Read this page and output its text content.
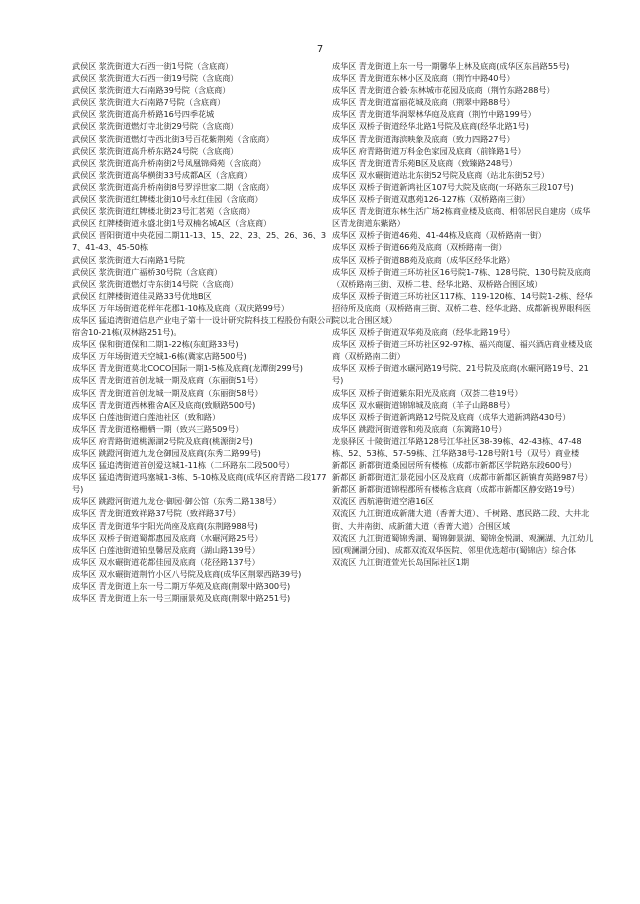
7

武侯区 浆洗街道大石西一街1号院（含底商）

武侯区 浆洗街道大石西一街19号院（含底商）

武侯区 浆洗街道大石南路39号院（含底商）

武侯区 浆洗街道大石南路7号院（含底商）

武侯区 浆洗街道高升桥路16号四季花城

武侯区 浆洗街道燃灯寺北街29号院（含底商）

武侯区 浆洗街道燃灯寺西北街3号百花紫荆苑（含底商）

武侯区 浆洗街道高升桥东路24号院（含底商）

武侯区 浆洗街道高升桥南街2号凤凰锦舜苑（含底商）

武侯区 浆洗街道高华横街33号成都A区（含底商）

武侯区 浆洗街道高升桥南街8号罗浮世家二期（含底商）

武侯区 浆洗街道红牌楼北街10号永红佳园（含底商）

武侯区 浆洗街道红牌楼北街23号汇茗苑（含底商）

武侯区 红牌楼街道永盛北街1号双楠名城A区（含底商）

武侯区 晋阳街道中央花园二期11-13、15、22、23、25、26、36、37、41-43、45-50栋

武侯区 浆洗街道大石南路1号院

武侯区 浆洗街道广福桥30号院（含底商）

武侯区 浆洗街道燃灯寺东街14号院（含底商）

武侯区 红牌楼街道佳灵路33号优地B区

成华区 万年场街道花样年花郡1-10栋及底商（双庆路99号）

成华区 猛追湾街道信息产业电子第十一设计研究院科技工程股份有限公司宿舍10-21栋(双林路251号)。

成华区 保和街道保和二期1-22栋(东虹路33号)

成华区 万年场街道天空城1-6栋(冀家店路500号)

成华区 青龙街道莫北COCO国际一期1-5栋及底商(龙潭街299号)

成华区 青龙街道首创龙城一期及底商（东丽街51号）

成华区 青龙街道首创龙城一期及底商（东丽街58号）

成华区 青龙街道西林雅舍A区及底商(致顺路500号)

成华区 白莲池街道白莲池社区（致和路）

成华区 青龙街道格栅栖一期（致兴三路509号）

成华区 府青路街道桃源湖2号院及底商(桃源街2号)

成华区 跳蹬河街道九龙仓御园及底商(东秀二路99号)

成华区 猛追湾街道首创爱这城1-11栋（二环路东二段500号）

成华区 猛追湾街道玛塞城1-3栋、5-10栋及底商(成华区府青路二段177号)

成华区 跳蹬河街道九龙仓·御园·御公馆（东秀二路138号）

成华区 青龙街道致祥路37号院（致祥路37号）

成华区 青龙街道华宇阳光尚座及底商(东荆路988号)

成华区 双桥子街道蜀都惠园及底商（水碾河路25号）

成华区 白莲池街道铂皇馨居及底商（湖山路139号）

成华区 双水碾街道花都佳园及底商（花径路137号）

成华区 双水碾街道荆竹小区八号院及底商(成华区荆翠西路39号)

成华区 青龙街道上东一号二期万华苑及底商(荆翠中路300号)

成华区 青龙街道上东一号三期丽景苑及底商(荆翠中路251号)

成华区 青龙街道上东一号一期馨华上林及底商(成华区东昌路55号)

成华区 青龙街道东林小区及底商（荆竹中路40号）

成华区 青龙街道合毅·东林城市花园及底商（荆竹东路288号）

成华区 青龙街道富丽花城及底商（荆翠中路88号）

成华区 青龙街道华润翠林华庭及底商（荆竹中路199号）

成华区 双桥子街道经华北路1号院及底商(经华北路1号)

成华区 青龙街道海滨映象及底商（致力四路27号）

成华区 府青路街道万科金色家园及底商（前锋路1号）

成华区 青龙街道青乐苑B区及底商（致臻路248号）

成华区 双水碾街道站北东街52号院及底商（站北东街52号）

成华区 双桥子街道新鸿社区107号大院及底商(一环路东三段107号)

成华区 双桥子街道双惠苑126-127栋（双桥路南三街）

成华区 青龙街道东林生活广场2栋商业楼及底商、相邻居民自建房（成华区青龙街道东紫路）

成华区 双桥子街道46苑、41-44栋及底商（双桥路南一街）

成华区 双桥子街道66苑及底商（双桥路南一街）

成华区 双桥子街道88苑及底商（成华区经华北路）

成华区 双桥子街道三环坊社区16号院1-7栋、128号院、130号院及底商（双桥路南三街、双桥二巷、经华北路、双桥路合围区域）

成华区 双桥子街道三环坊社区117栋、119-120栋、14号院1-2栋、经华招待所及底商（双桥路南三街、双桥二巷、经华北路、成都新视界眼科医院以北合围区域）

成华区 双桥子街道双华苑及底商（经华北路19号）

成华区 双桥子街道三环坊社区92-97栋、福兴商厦、福兴酒店商业楼及底商（双桥路南二街）

成华区 双桥子街道水碾河路19号院、21号院及底商(水碾河路19号、21号)

成华区 双桥子街道紫东阳光及底商（双荟二巷19号）

成华区 双水碾街道锦锦城及底商（羊子山路88号）

成华区 双桥子街道新鸿路12号院及底商（成华大道新鸿路430号）

成华区 跳蹬河街道蓉和苑及底商（东篱路10号）

龙泉驿区 十陵街道江华路128号江华社区38-39栋、42-43栋、47-48栋、52、53栋、57-59栋、江华路38号-128号附1号（双号）商业楼

新都区 新都街道桑园居所有楼栋（成都市新都区学院路东段600号）

新都区 新都街道汇景花园小区及底商（成都市新都区新镇育英路987号）

新都区 新都街道锦程郡所有楼栋含底商（成都市新都区静安路19号）

双流区 西航港街道空港16区

双流区 九江街道成新蒲大道（香菁大道）、千树路、惠民路二段、大井北街、大井南街、成新蒲大道（香菁大道）合围区域

双流区 九江街道蜀锦秀湖、蜀锦御景湖、蜀锦金悦湖、观澜湖、九江幼儿园(观澜湖分园)、成都双流双华医院、邻里优选超市(蜀锦店）综合体

双流区 九江街道萱光长岛国际社区1期
